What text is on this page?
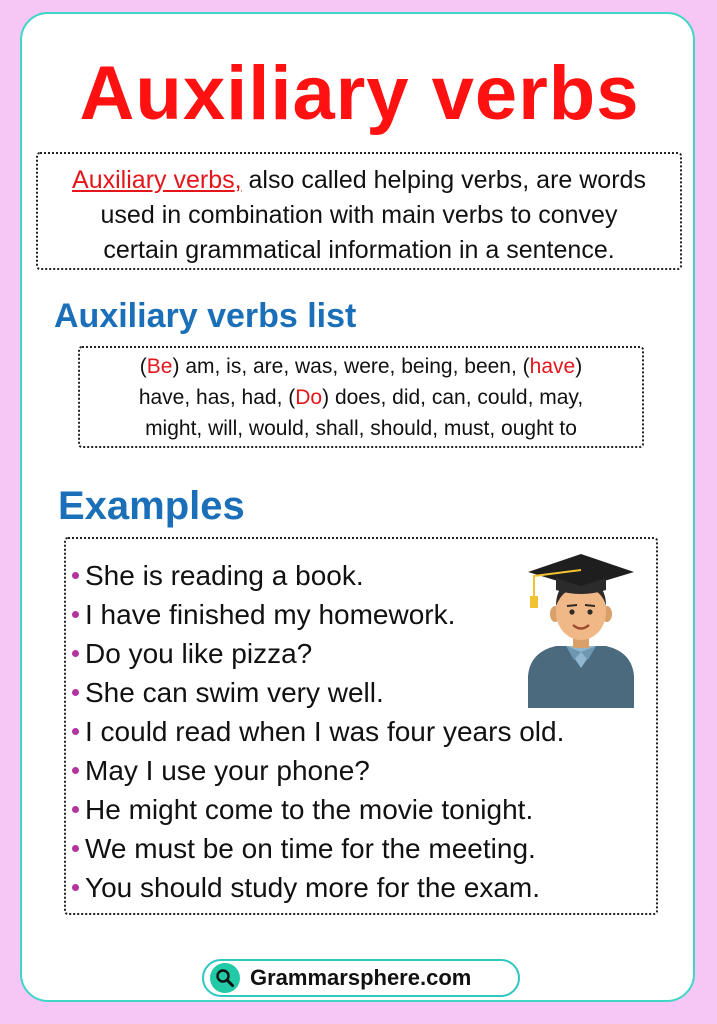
Auxiliary verbs
Auxiliary verbs, also called helping verbs, are words
used in combination with main verbs to convey
certain grammatical information in a sentence.
Auxiliary verbs list
(Be) am, is, are, was, were, being, been, (have)
have, has, had, (Do) does, did, can, could, may,
might, will, would, shall, should, must, ought to
Examples
She is reading a book.
I have finished my homework.
Do you like pizza?
She can swim very well.
I could read when I was four years old.
May I use your phone?
He might come to the movie tonight.
We must be on time for the meeting.
You should study more for the exam.
Grammarsphere.com
